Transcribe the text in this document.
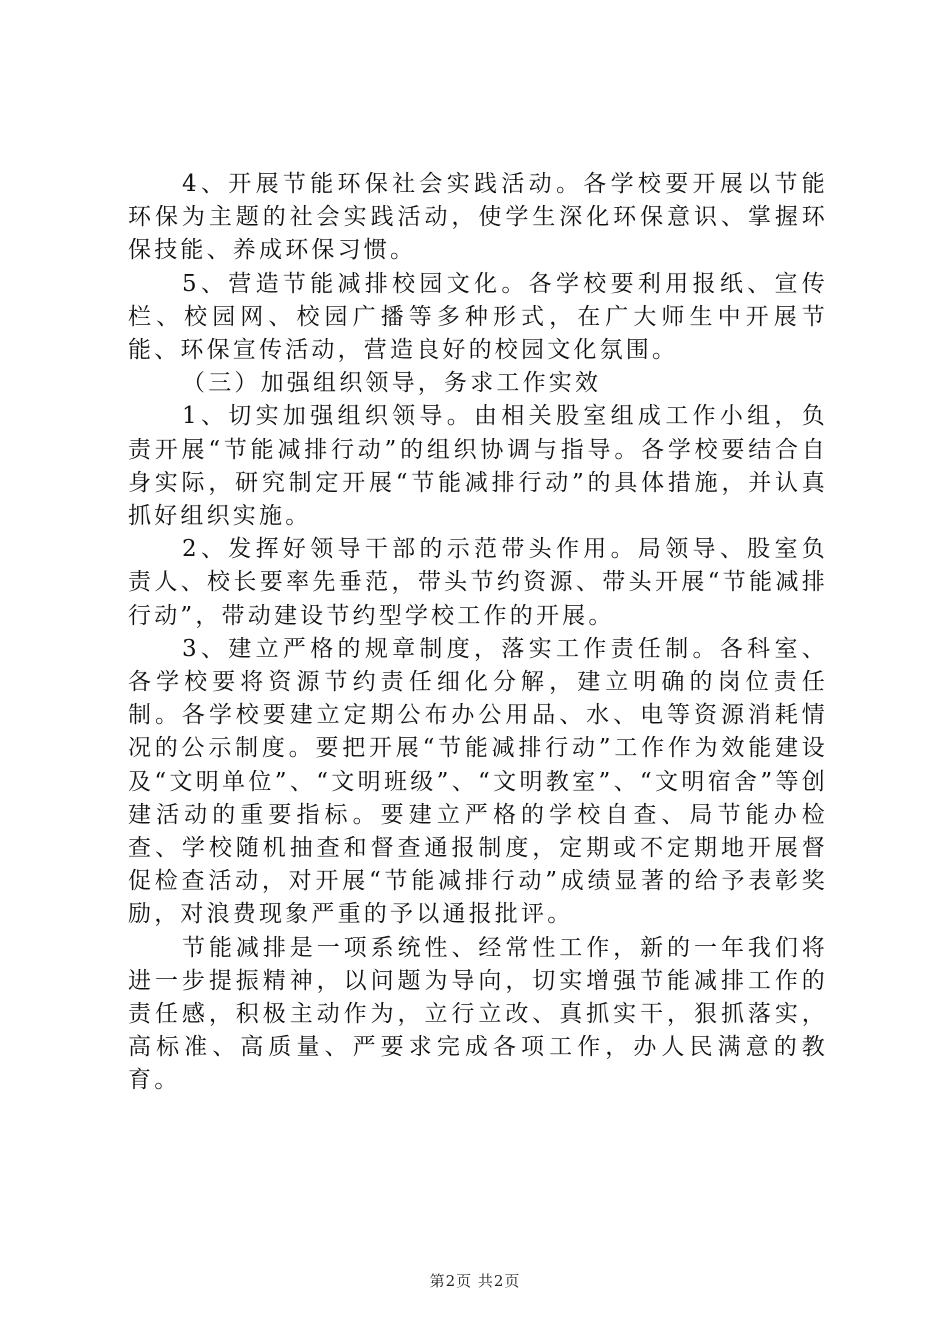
4、开展节能环保社会实践活动。各学校要开展以节能环保为主题的社会实践活动，使学生深化环保意识、掌握环保技能、养成环保习惯。

5、营造节能减排校园文化。各学校要利用报纸、宣传栏、校园网、校园广播等多种形式，在广大师生中开展节能、环保宣传活动，营造良好的校园文化氛围。

（三）加强组织领导，务求工作实效

1、切实加强组织领导。由相关股室组成工作小组，负责开展“节能减排行动”的组织协调与指导。各学校要结合自身实际，研究制定开展“节能减排行动”的具体措施，并认真抓好组织实施。

2、发挥好领导干部的示范带头作用。局领导、股室负责人、校长要率先垂范，带头节约资源、带头开展“节能减排行动”，带动建设节约型学校工作的开展。

3、建立严格的规章制度，落实工作责任制。各科室、各学校要将资源节约责任细化分解，建立明确的岗位责任制。各学校要建立定期公布办公用品、水、电等资源消耗情况的公示制度。要把开展“节能减排行动”工作作为效能建设及“文明单位”、“文明班级”、“文明教室”、“文明宿舍”等创建活动的重要指标。要建立严格的学校自查、局节能办检查、学校随机抽查和督查通报制度，定期或不定期地开展督促检查活动，对开展“节能减排行动”成绩显著的给予表彰奖励，对浪费现象严重的予以通报批评。

节能减排是一项系统性、经常性工作，新的一年我们将进一步提振精神，以问题为导向，切实增强节能减排工作的责任感，积极主动作为，立行立改、真抓实干，狠抓落实，高标准、高质量、严要求完成各项工作，办人民满意的教育。

第2页 共2页
